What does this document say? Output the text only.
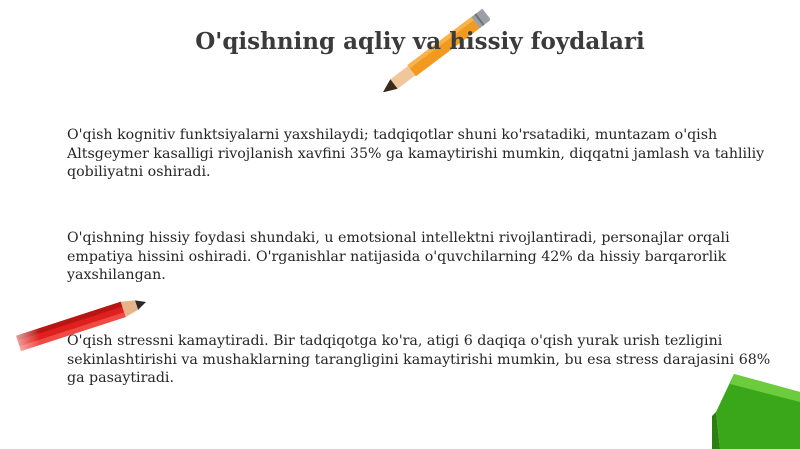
O'qishning aqliy va hissiy foydalari

O'qish kognitiv funktsiyalarni yaxshilaydi; tadqiqotlar shuni ko'rsatadiki, muntazam o'qish Altsgeymer kasalligi rivojlanish xavfini 35% ga kamaytirishi mumkin, diqqatni jamlash va tahliliy qobiliyatni oshiradi.

O'qishning hissiy foydasi shundaki, u emotsional intellektni rivojlantiradi, personajlar orqali empatiya hissini oshiradi. O'rganishlar natijasida o'quvchilarning 42% da hissiy barqarorlik yaxshilangan.

O'qish stressni kamaytiradi. Bir tadqiqotga ko'ra, atigi 6 daqiqa o'qish yurak urish tezligini sekinlashtirishi va mushaklarning tarangligini kamaytirishi mumkin, bu esa stress darajasini 68% ga pasaytiradi.
